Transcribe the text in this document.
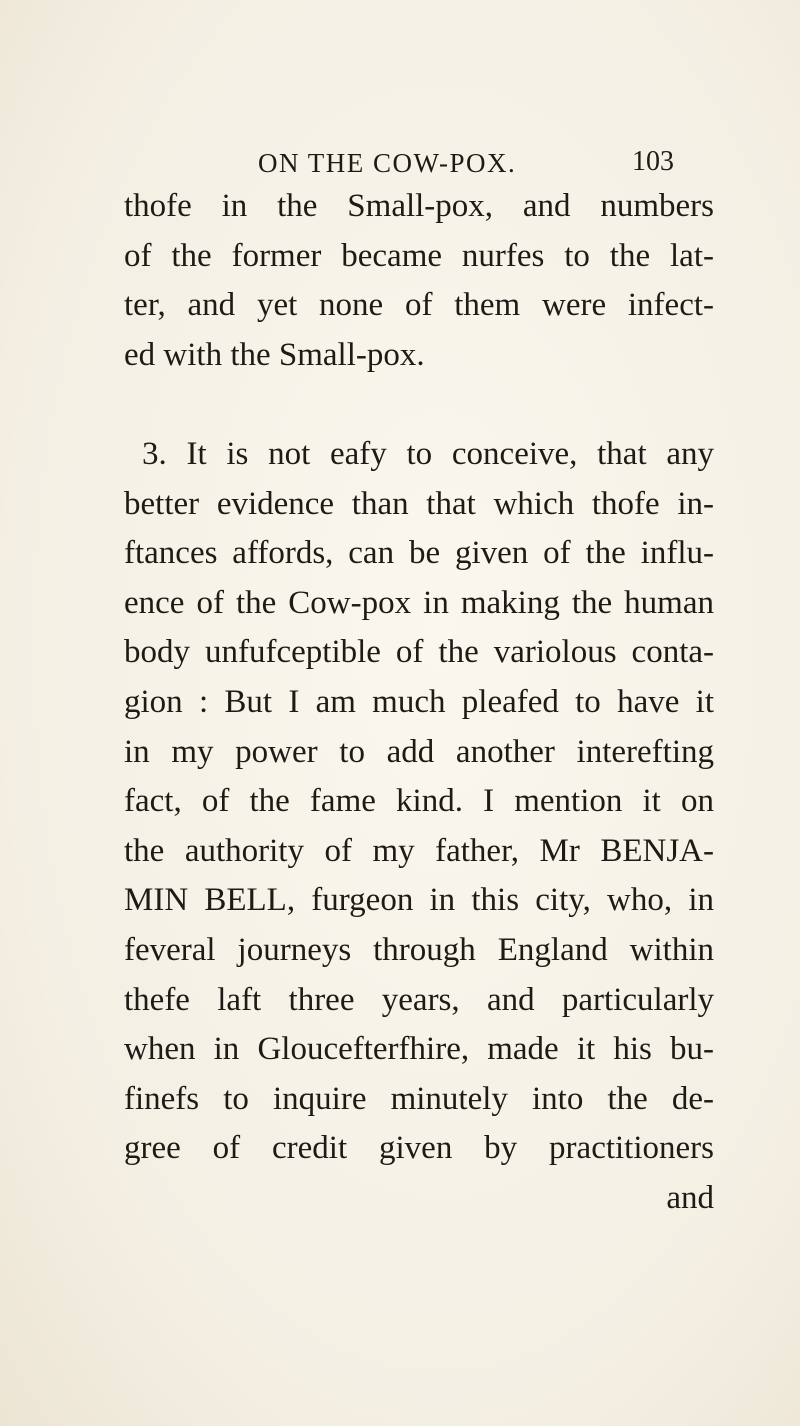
ON THE COW-POX.	103
thofe in the Small-pox, and numbers
of the former became nurfes to the lat-
ter, and yet none of them were infect-
ed with the Small-pox.
3. It is not eafy to conceive, that any
better evidence than that which thofe in-
ftances affords, can be given of the influ-
ence of the Cow-pox in making the human
body unfufceptible of the variolous conta-
gion : But I am much pleafed to have it
in my power to add another interefting
fact, of the fame kind. I mention it on
the authority of my father, Mr BENJA-
MIN BELL, furgeon in this city, who, in
feveral journeys through England within
thefe laft three years, and particularly
when in Gloucefterfhire, made it his bu-
finefs to inquire minutely into the de-
gree of credit given by practitioners
and
